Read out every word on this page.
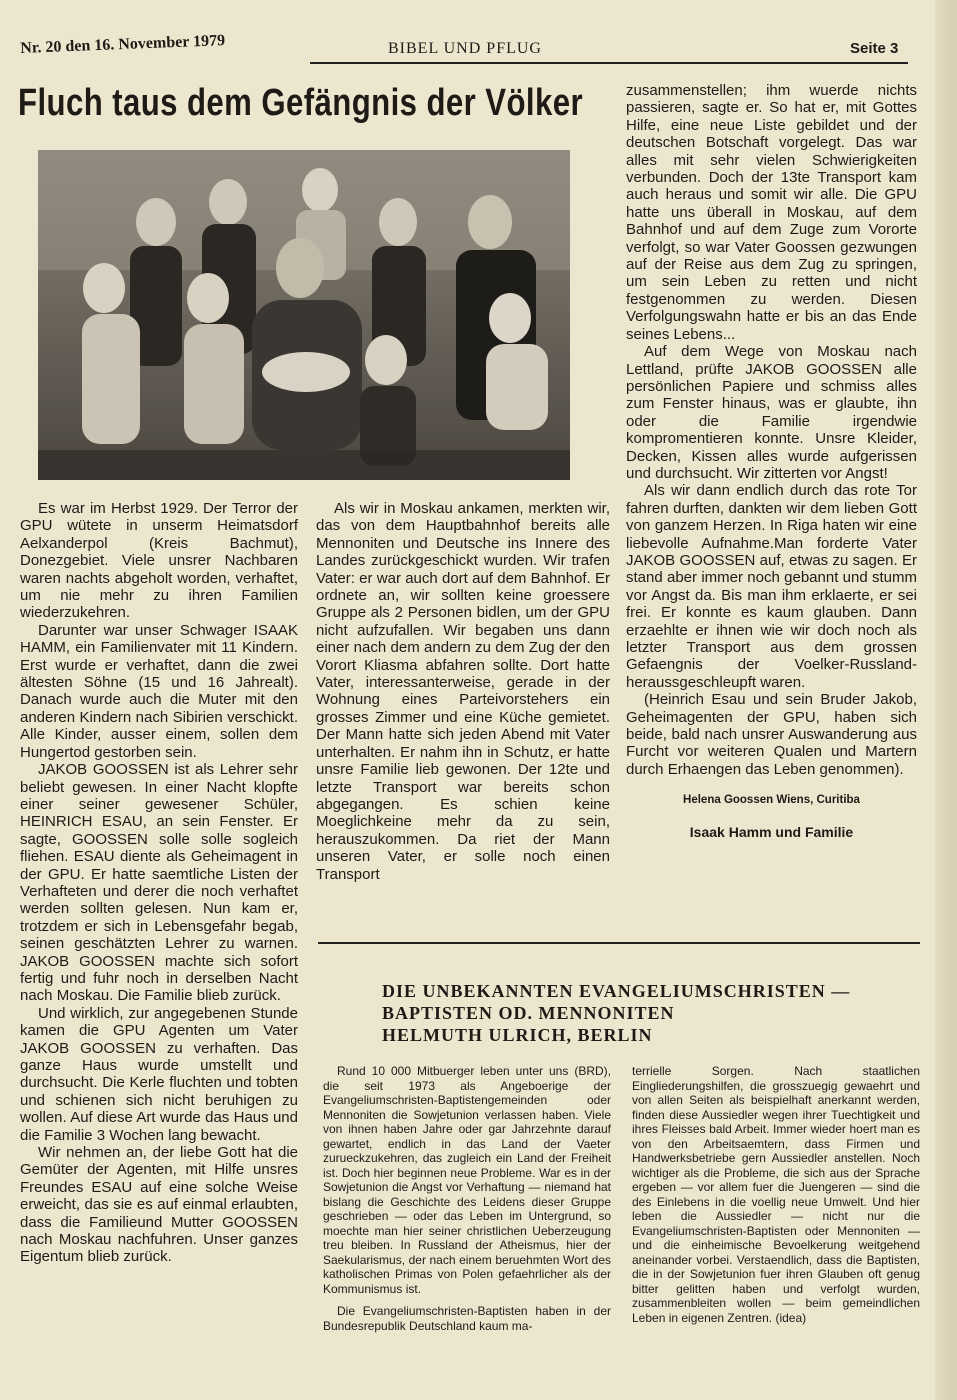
Nr. 20 den 16. November 1979	BIBEL UND PFLUG	Seite 3
Fluch taus dem Gefängnis der Völker

Es war im Herbst 1929. Der Terror der GPU wütete in unserm Heimatsdorf Aelxanderpol (Kreis Bachmut), Donezgebiet. Viele unsrer Nachbaren waren nachts abgeholt worden, verhaftet, um nie mehr zu ihren Familien wiederzukehren.

Darunter war unser Schwager ISAAK HAMM, ein Familienvater mit 11 Kindern. Erst wurde er verhaftet, dann die zwei ältesten Söhne (15 und 16 Jahrealt). Danach wurde auch die Muter mit den anderen Kindern nach Sibirien verschickt. Alle Kinder, ausser einem, sollen dem Hungertod gestorben sein.

JAKOB GOOSSEN ist als Lehrer sehr beliebt gewesen. In einer Nacht klopfte einer seiner gewesener Schüler, HEINRICH ESAU, an sein Fenster. Er sagte, GOOSSEN solle solle sogleich fliehen. ESAU diente als Geheimagent in der GPU. Er hatte saemtliche Listen der Verhafteten und derer die noch verhaftet werden sollten gelesen. Nun kam er, trotzdem er sich in Lebensgefahr begab, seinen geschätzten Lehrer zu warnen. JAKOB GOOSSEN machte sich sofort fertig und fuhr noch in derselben Nacht nach Moskau. Die Familie blieb zurück.

Und wirklich, zur angegebenen Stunde kamen die GPU Agenten um Vater JAKOB GOOSSEN zu verhaften. Das ganze Haus wurde umstellt und durchsucht. Die Kerle fluchten und tobten und schienen sich nicht beruhigen zu wollen. Auf diese Art wurde das Haus und die Familie 3 Wochen lang bewacht.

Wir nehmen an, der liebe Gott hat die Gemüter der Agenten, mit Hilfe unsres Freundes ESAU auf eine solche Weise erweicht, das sie es auf einmal erlaubten, dass die Familieund Mutter GOOSSEN nach Moskau nachfuhren. Unser ganzes Eigentum blieb zurück.

Als wir in Moskau ankamen, merkten wir, das von dem Hauptbahnhof bereits alle Mennoniten und Deutsche ins Innere des Landes zurückgeschickt wurden. Wir trafen Vater: er war auch dort auf dem Bahnhof. Er ordnete an, wir sollten keine groessere Gruppe als 2 Personen bidlen, um der GPU nicht aufzufallen. Wir begaben uns dann einer nach dem andern zu dem Zug der den Vorort Kliasma abfahren sollte. Dort hatte Vater, interessanterweise, gerade in der Wohnung eines Parteivorstehers ein grosses Zimmer und eine Küche gemietet. Der Mann hatte sich jeden Abend mit Vater unterhalten. Er nahm ihn in Schutz, er hatte unsre Familie lieb gewonen. Der 12te und letzte Transport war bereits schon abgegangen. Es schien keine Moeglichkeine mehr da zu sein, herauszukommen. Da riet der Mann unseren Vater, er solle noch einen Transport

zusammenstellen; ihm wuerde nichts passieren, sagte er. So hat er, mit Gottes Hilfe, eine neue Liste gebildet und der deutschen Botschaft vorgelegt. Das war alles mit sehr vielen Schwierigkeiten verbunden. Doch der 13te Transport kam auch heraus und somit wir alle. Die GPU hatte uns überall in Moskau, auf dem Bahnhof und auf dem Zuge zum Vororte verfolgt, so war Vater Goossen gezwungen auf der Reise aus dem Zug zu springen, um sein Leben zu retten und nicht festgenommen zu werden. Diesen Verfolgungswahn hatte er bis an das Ende seines Lebens...

Auf dem Wege von Moskau nach Lettland, prüfte JAKOB GOOSSEN alle persönlichen Papiere und schmiss alles zum Fenster hinaus, was er glaubte, ihn oder die Familie irgendwie kompromentieren konnte. Unsre Kleider, Decken, Kissen alles wurde aufgerissen und durchsucht. Wir zitterten vor Angst!

Als wir dann endlich durch das rote Tor fahren durften, dankten wir dem lieben Gott von ganzem Herzen. In Riga haten wir eine liebevolle Aufnahme.Man forderte Vater JAKOB GOOSSEN auf, etwas zu sagen. Er stand aber immer noch gebannt und stumm vor Angst da. Bis man ihm erklaerte, er sei frei. Er konnte es kaum glauben. Dann erzaehlte er ihnen wie wir doch noch als letzter Transport aus dem grossen Gefaengnis der Voelker-Russland-heraussgeschleupft waren.

(Heinrich Esau und sein Bruder Jakob, Geheimagenten der GPU, haben sich beide, bald nach unsrer Auswanderung aus Furcht vor weiteren Qualen und Martern durch Erhaengen das Leben genommen).

Helena Goossen Wiens, Curitiba
Isaak Hamm und Familie
DIE UNBEKANNTEN EVANGELIUMSCHRISTEN —
BAPTISTEN OD. MENNONITEN
HELMUTH ULRICH, BERLIN

Rund 10 000 Mitbuerger leben unter uns (BRD), die seit 1973 als Angeboerige der Evangeliumschristen-Baptistengemeinden oder Mennoniten die Sowjetunion verlassen haben. Viele von ihnen haben Jahre oder gar Jahrzehnte darauf gewartet, endlich in das Land der Vaeter zurueckzukehren, das zugleich ein Land der Freiheit ist. Doch hier beginnen neue Probleme. War es in der Sowjetunion die Angst vor Verhaftung — niemand hat bislang die Geschichte des Leidens dieser Gruppe geschrieben — oder das Leben im Untergrund, so moechte man hier seiner christlichen Ueberzeugung treu bleiben. In Russland der Atheismus, hier der Saekularismus, der nach einem beruehmten Wort des katholischen Primas von Polen gefaehrlicher als der Kommunismus ist.

Die Evangeliumschristen-Baptisten haben in der Bundesrepublik Deutschland kaum ma-

terrielle Sorgen. Nach staatlichen Eingliederungshilfen, die grosszuegig gewaehrt und von allen Seiten als beispielhaft anerkannt werden, finden diese Aussiedler wegen ihrer Tuechtigkeit und ihres Fleisses bald Arbeit. Immer wieder hoert man es von den Arbeitsaemtern, dass Firmen und Handwerksbetriebe gern Aussiedler anstellen. Noch wichtiger als die Probleme, die sich aus der Sprache ergeben — vor allem fuer die Juengeren — sind die des Einlebens in die voellig neue Umwelt. Und hier leben die Aussiedler — nicht nur die Evangeliumschristen-Baptisten oder Mennoniten — und die einheimische Bevoelkerung weitgehend aneinander vorbei. Verstaendlich, dass die Baptisten, die in der Sowjetunion fuer ihren Glauben oft genug bitter gelitten haben und verfolgt wurden, zusammenbleiten wollen — beim gemeindlichen Leben in eigenen Zentren. (idea)
